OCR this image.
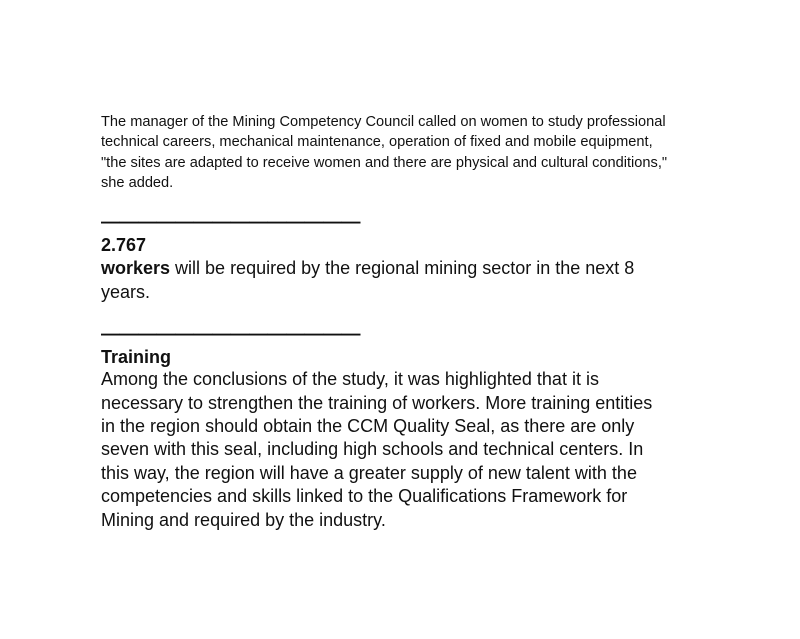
The manager of the Mining Competency Council called on women to study professional
technical careers, mechanical maintenance, operation of fixed and mobile equipment,
"the sites are adapted to receive women and there are physical and cultural conditions,"
she added.

——————————————

2.767

workers will be required by the regional mining sector in the next 8
years.

——————————————

Training

Among the conclusions of the study, it was highlighted that it is
necessary to strengthen the training of workers. More training entities
in the region should obtain the CCM Quality Seal, as there are only
seven with this seal, including high schools and technical centers. In
this way, the region will have a greater supply of new talent with the
competencies and skills linked to the Qualifications Framework for
Mining and required by the industry.
